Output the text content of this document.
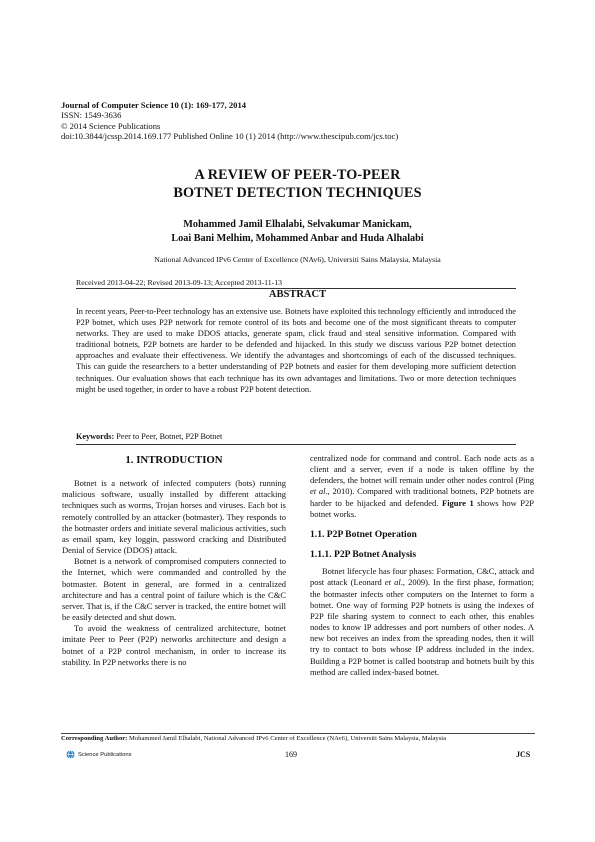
Journal of Computer Science 10 (1): 169-177, 2014
ISSN: 1549-3636
© 2014 Science Publications
doi:10.3844/jcssp.2014.169.177 Published Online 10 (1) 2014 (http://www.thescipub.com/jcs.toc)
A REVIEW OF PEER-TO-PEER
BOTNET DETECTION TECHNIQUES
Mohammed Jamil Elhalabi, Selvakumar Manickam,
Loai Bani Melhim, Mohammed Anbar and Huda Alhalabi
National Advanced IPv6 Center of Excellence (NAv6), Universiti Sains Malaysia, Malaysia
Received 2013-04-22; Revised 2013-09-13; Accepted 2013-11-13
ABSTRACT
In recent years, Peer-to-Peer technology has an extensive use. Botnets have exploited this technology efficiently and introduced the P2P botnet, which uses P2P network for remote control of its bots and become one of the most significant threats to computer networks. They are used to make DDOS attacks, generate spam, click fraud and steal sensitive information. Compared with traditional botnets, P2P botnets are harder to be defended and hijacked. In this study we discuss various P2P botnet detection approaches and evaluate their effectiveness. We identify the advantages and shortcomings of each of the discussed techniques. This can guide the researchers to a better understanding of P2P botnets and easier for them developing more sufficient detection techniques. Our evaluation shows that each technique has its own advantages and limitations. Two or more detection techniques might be used together, in order to have a robust P2P botent detection.
Keywords: Peer to Peer, Botnet, P2P Botnet
1. INTRODUCTION

Botnet is a network of infected computers (bots) running malicious software, usually installed by different attacking techniques such as worms, Trojan horses and viruses. Each bot is remotely controlled by an attacker (botmaster). They responds to the botmaster orders and initiate several malicious activities, such as email spam, key loggin, password cracking and Distributed Denial of Service (DDOS) attack.

Botnet is a network of compromised computers connected to the Internet, which were commanded and controlled by the botmaster. Botent in general, are formed in a centralized architecture and has a central point of failure which is the C&C server. That is, if the C&C server is tracked, the entire botnet will be easily detected and shut down.

To avoid the weakness of centralized architecture, botnet imitate Peer to Peer (P2P) networks architecture and design a botnet of a P2P control mechanism, in order to increase its stability. In P2P networks there is no

centralized node for command and control. Each node acts as a client and a server, even if a node is taken offline by the defenders, the botnet will remain under other nodes control (Ping et al., 2010). Compared with traditional botnets, P2P botnets are harder to be hijacked and defended. Figure 1 shows how P2P botnet works.

1.1. P2P Botnet Operation
1.1.1. P2P Botnet Analysis

Botnet lifecycle has four phases: Formation, C&C, attack and post attack (Leonard et al., 2009). In the first phase, formation; the botmaster infects other computers on the Internet to form a botnet. One way of forming P2P botnets is using the indexes of P2P file sharing system to connect to each other, this enables nodes to know IP addresses and port numbers of other nodes. A new bot receives an index from the spreading nodes, then it will try to contact to bots whose IP address included in the index. Building a P2P botnet is called bootstrap and botnets built by this method are called index-based botnet.

Corresponding Author: Mohammed Jamil Elhalabi, National Advanced IPv6 Center of Excellence (NAv6), Universiti Sains Malaysia, Malaysia
Science Publications	169	JCS
